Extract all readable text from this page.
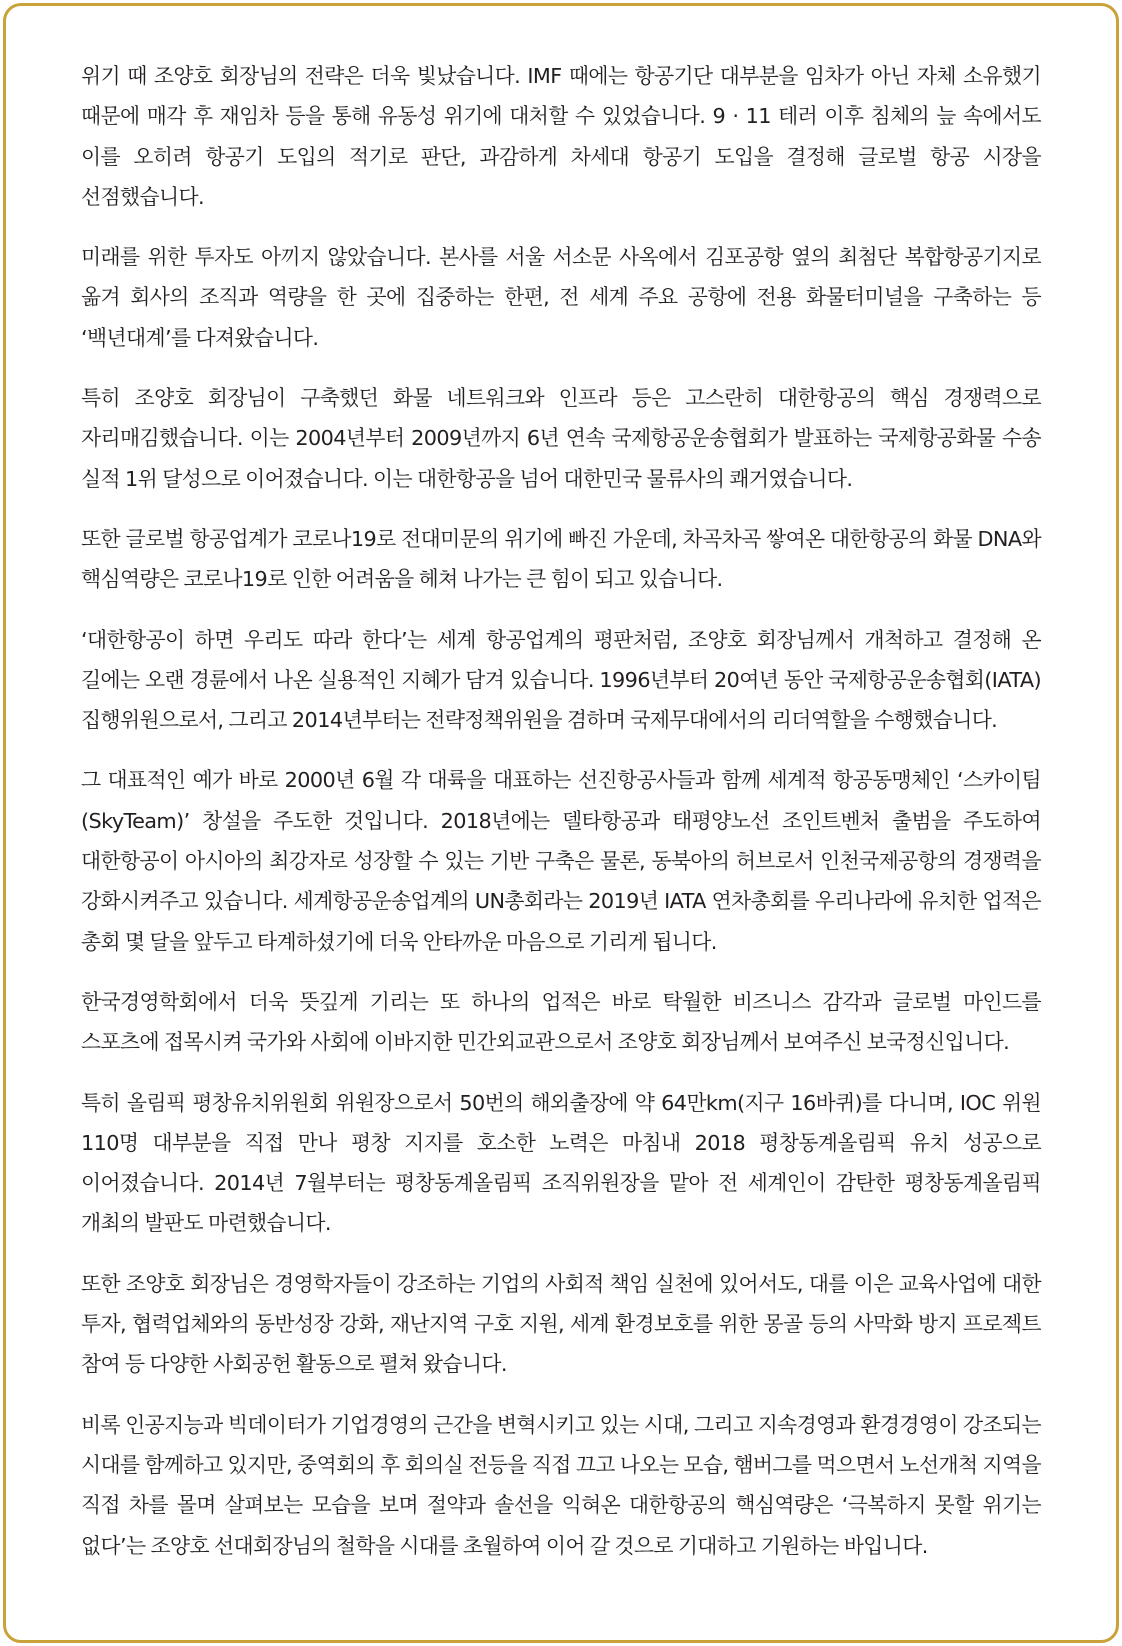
위기 때 조양호 회장님의 전략은 더욱 빛났습니다. IMF 때에는 항공기단 대부분을 임차가 아닌 자체 소유했기 때문에 매각 후 재임차 등을 통해 유동성 위기에 대처할 수 있었습니다. 9 · 11 테러 이후 침체의 늪 속에서도 이를 오히려 항공기 도입의 적기로 판단, 과감하게 차세대 항공기 도입을 결정해 글로벌 항공 시장을 선점했습니다.

미래를 위한 투자도 아끼지 않았습니다. 본사를 서울 서소문 사옥에서 김포공항 옆의 최첨단 복합항공기지로 옮겨 회사의 조직과 역량을 한 곳에 집중하는 한편, 전 세계 주요 공항에 전용 화물터미널을 구축하는 등 ‘백년대계’를 다져왔습니다.

특히 조양호 회장님이 구축했던 화물 네트워크와 인프라 등은 고스란히 대한항공의 핵심 경쟁력으로 자리매김했습니다. 이는 2004년부터 2009년까지 6년 연속 국제항공운송협회가 발표하는 국제항공화물 수송 실적 1위 달성으로 이어졌습니다. 이는 대한항공을 넘어 대한민국 물류사의 쾌거였습니다.

또한 글로벌 항공업계가 코로나19로 전대미문의 위기에 빠진 가운데, 차곡차곡 쌓여온 대한항공의 화물 DNA와 핵심역량은 코로나19로 인한 어려움을 헤쳐 나가는 큰 힘이 되고 있습니다.

‘대한항공이 하면 우리도 따라 한다’는 세계 항공업계의 평판처럼, 조양호 회장님께서 개척하고 결정해 온 길에는 오랜 경륜에서 나온 실용적인 지혜가 담겨 있습니다. 1996년부터 20여년 동안 국제항공운송협회(IATA) 집행위원으로서, 그리고 2014년부터는 전략정책위원을 겸하며 국제무대에서의 리더역할을 수행했습니다.

그 대표적인 예가 바로 2000년 6월 각 대륙을 대표하는 선진항공사들과 함께 세계적 항공동맹체인 ‘스카이팀(SkyTeam)’ 창설을 주도한 것입니다. 2018년에는 델타항공과 태평양노선 조인트벤처 출범을 주도하여 대한항공이 아시아의 최강자로 성장할 수 있는 기반 구축은 물론, 동북아의 허브로서 인천국제공항의 경쟁력을 강화시켜주고 있습니다. 세계항공운송업계의 UN총회라는 2019년 IATA 연차총회를 우리나라에 유치한 업적은 총회 몇 달을 앞두고 타계하셨기에 더욱 안타까운 마음으로 기리게 됩니다.

한국경영학회에서 더욱 뜻깊게 기리는 또 하나의 업적은 바로 탁월한 비즈니스 감각과 글로벌 마인드를 스포츠에 접목시켜 국가와 사회에 이바지한 민간외교관으로서 조양호 회장님께서 보여주신 보국정신입니다.

특히 올림픽 평창유치위원회 위원장으로서 50번의 해외출장에 약 64만km(지구 16바퀴)를 다니며, IOC 위원 110명 대부분을 직접 만나 평창 지지를 호소한 노력은 마침내 2018 평창동계올림픽 유치 성공으로 이어졌습니다. 2014년 7월부터는 평창동계올림픽 조직위원장을 맡아 전 세계인이 감탄한 평창동계올림픽 개최의 발판도 마련했습니다.

또한 조양호 회장님은 경영학자들이 강조하는 기업의 사회적 책임 실천에 있어서도, 대를 이은 교육사업에 대한 투자, 협력업체와의 동반성장 강화, 재난지역 구호 지원, 세계 환경보호를 위한 몽골 등의 사막화 방지 프로젝트 참여 등 다양한 사회공헌 활동으로 펼쳐 왔습니다.

비록 인공지능과 빅데이터가 기업경영의 근간을 변혁시키고 있는 시대, 그리고 지속경영과 환경경영이 강조되는 시대를 함께하고 있지만, 중역회의 후 회의실 전등을 직접 끄고 나오는 모습, 햄버그를 먹으면서 노선개척 지역을 직접 차를 몰며 살펴보는 모습을 보며 절약과 솔선을 익혀온 대한항공의 핵심역량은 ‘극복하지 못할 위기는 없다’는 조양호 선대회장님의 철학을 시대를 초월하여 이어 갈 것으로 기대하고 기원하는 바입니다.
